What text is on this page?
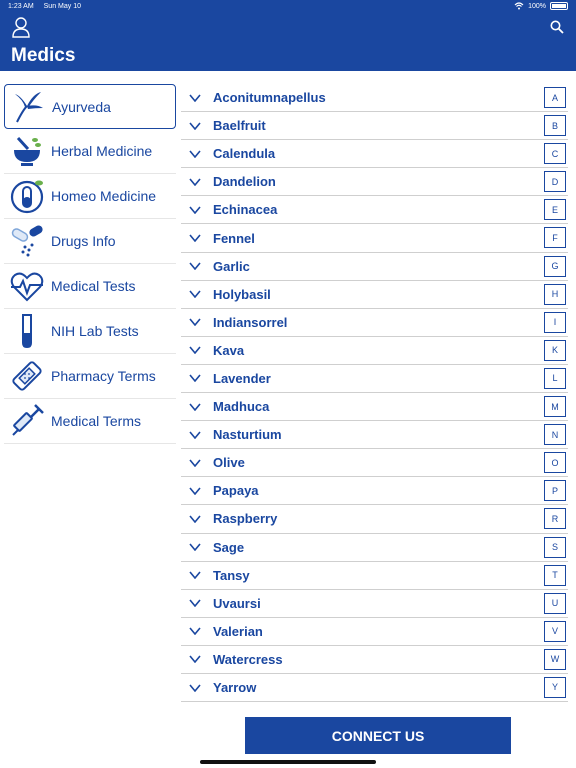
1:23 AM Sun May 10	100%
Medics
Ayurveda
Herbal Medicine
Homeo Medicine
Drugs Info
Medical Tests
NIH Lab Tests
Pharmacy Terms
Medical Terms
Aconitumnapellus	A
Baelfruit	B
Calendula	C
Dandelion	D
Echinacea	E
Fennel	F
Garlic	G
Holybasil	H
Indiansorrel	I
Kava	K
Lavender	L
Madhuca	M
Nasturtium	N
Olive	O
Papaya	P
Raspberry	R
Sage	S
Tansy	T
Uvaursi	U
Valerian	V
Watercress	W
Yarrow	Y
CONNECT US
